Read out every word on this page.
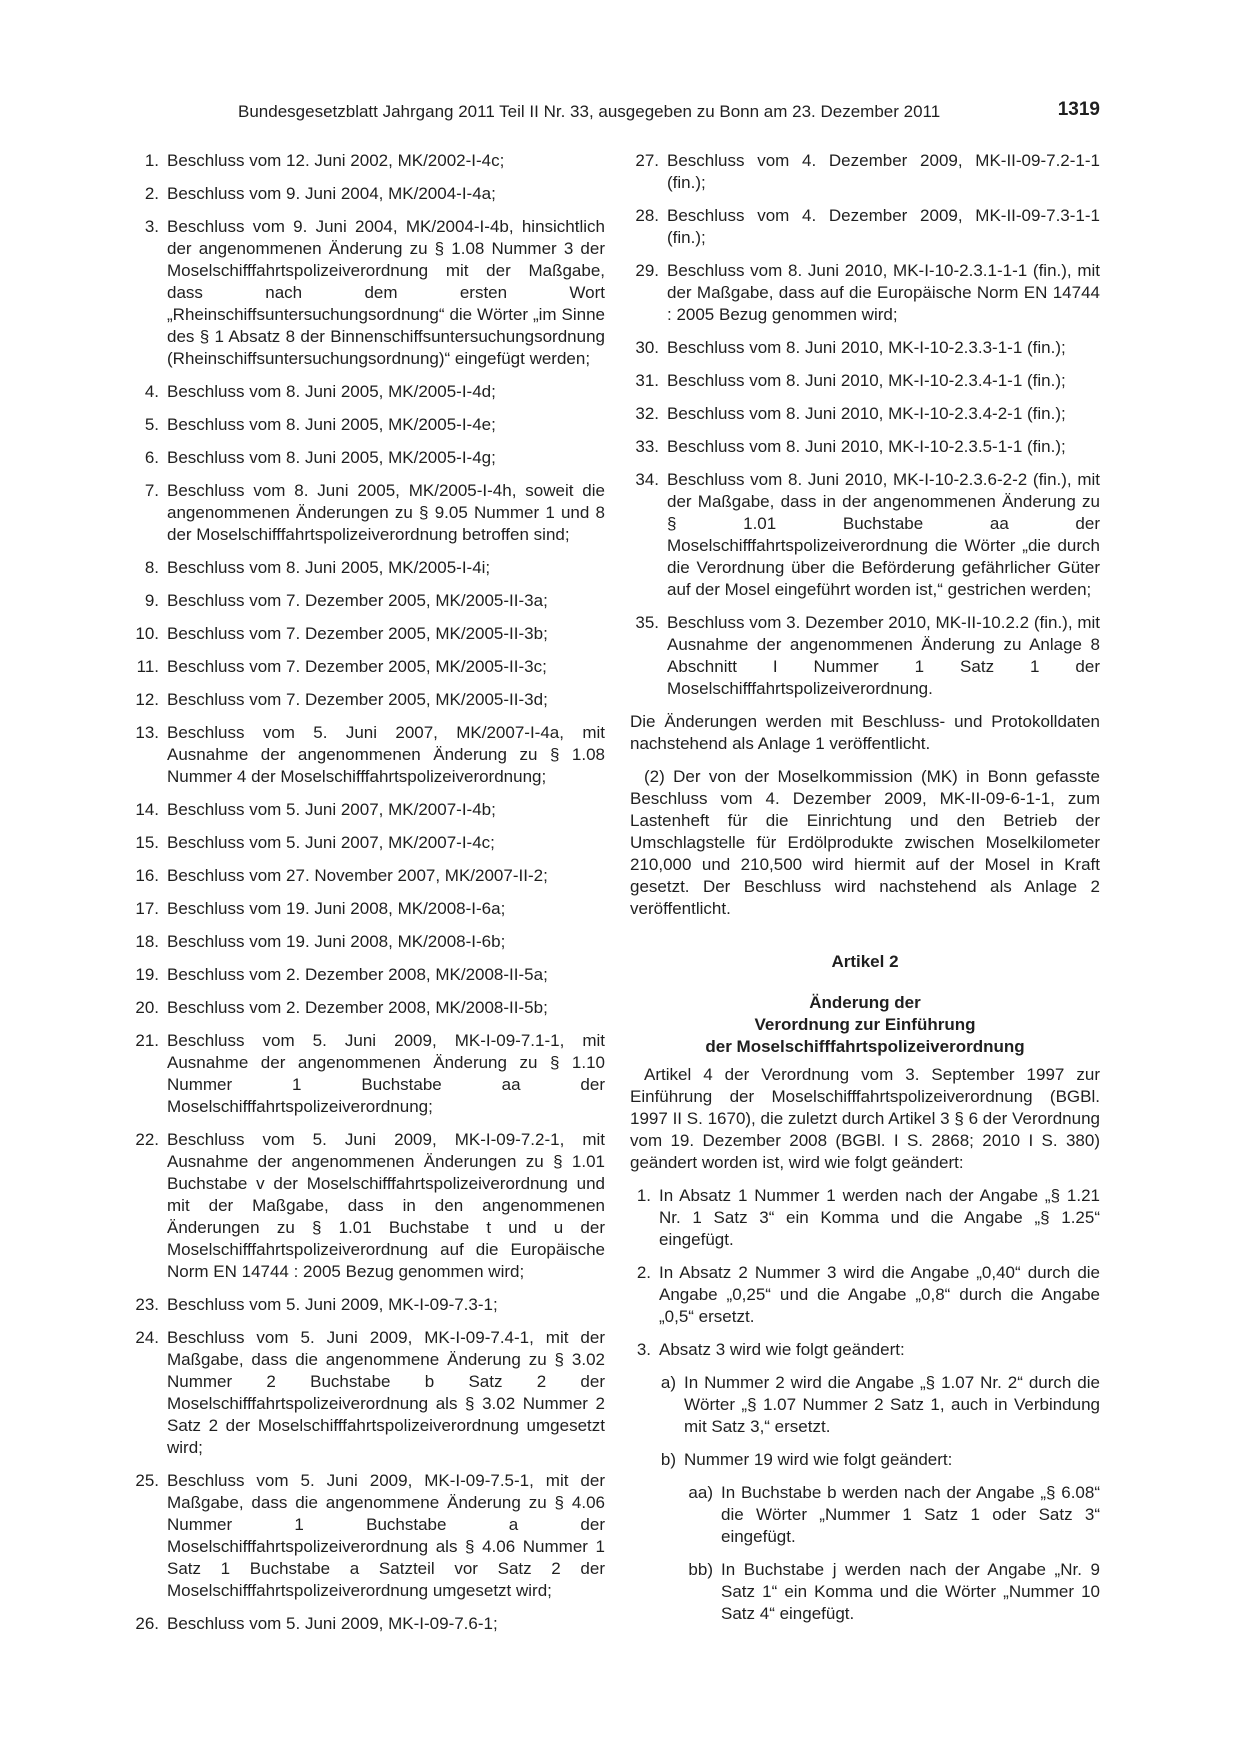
Bundesgesetzblatt Jahrgang 2011 Teil II Nr. 33, ausgegeben zu Bonn am 23. Dezember 2011	1319
1. Beschluss vom 12. Juni 2002, MK/2002-I-4c;
2. Beschluss vom 9. Juni 2004, MK/2004-I-4a;
3. Beschluss vom 9. Juni 2004, MK/2004-I-4b, hinsichtlich der angenommenen Änderung zu § 1.08 Nummer 3 der Moselschifffahrtspolizeiverordnung mit der Maßgabe, dass nach dem ersten Wort „Rheinschiffsuntersuchungsordnung“ die Wörter „im Sinne des § 1 Absatz 8 der Binnenschiffsuntersuchungsordnung (Rheinschiffsuntersuchungsordnung)“ eingefügt werden;
4. Beschluss vom 8. Juni 2005, MK/2005-I-4d;
5. Beschluss vom 8. Juni 2005, MK/2005-I-4e;
6. Beschluss vom 8. Juni 2005, MK/2005-I-4g;
7. Beschluss vom 8. Juni 2005, MK/2005-I-4h, soweit die angenommenen Änderungen zu § 9.05 Nummer 1 und 8 der Moselschifffahrtspolizeiverordnung betroffen sind;
8. Beschluss vom 8. Juni 2005, MK/2005-I-4i;
9. Beschluss vom 7. Dezember 2005, MK/2005-II-3a;
10. Beschluss vom 7. Dezember 2005, MK/2005-II-3b;
11. Beschluss vom 7. Dezember 2005, MK/2005-II-3c;
12. Beschluss vom 7. Dezember 2005, MK/2005-II-3d;
13. Beschluss vom 5. Juni 2007, MK/2007-I-4a, mit Ausnahme der angenommenen Änderung zu § 1.08 Nummer 4 der Moselschifffahrtspolizeiverordnung;
14. Beschluss vom 5. Juni 2007, MK/2007-I-4b;
15. Beschluss vom 5. Juni 2007, MK/2007-I-4c;
16. Beschluss vom 27. November 2007, MK/2007-II-2;
17. Beschluss vom 19. Juni 2008, MK/2008-I-6a;
18. Beschluss vom 19. Juni 2008, MK/2008-I-6b;
19. Beschluss vom 2. Dezember 2008, MK/2008-II-5a;
20. Beschluss vom 2. Dezember 2008, MK/2008-II-5b;
21. Beschluss vom 5. Juni 2009, MK-I-09-7.1-1, mit Ausnahme der angenommenen Änderung zu § 1.10 Nummer 1 Buchstabe aa der Moselschifffahrtspolizeiverordnung;
22. Beschluss vom 5. Juni 2009, MK-I-09-7.2-1, mit Ausnahme der angenommenen Änderungen zu § 1.01 Buchstabe v der Moselschifffahrtspolizeiverordnung und mit der Maßgabe, dass in den angenommenen Änderungen zu § 1.01 Buchstabe t und u der Moselschifffahrtspolizeiverordnung auf die Europäische Norm EN 14744 : 2005 Bezug genommen wird;
23. Beschluss vom 5. Juni 2009, MK-I-09-7.3-1;
24. Beschluss vom 5. Juni 2009, MK-I-09-7.4-1, mit der Maßgabe, dass die angenommene Änderung zu § 3.02 Nummer 2 Buchstabe b Satz 2 der Moselschifffahrtspolizeiverordnung als § 3.02 Nummer 2 Satz 2 der Moselschifffahrtspolizeiverordnung umgesetzt wird;
25. Beschluss vom 5. Juni 2009, MK-I-09-7.5-1, mit der Maßgabe, dass die angenommene Änderung zu § 4.06 Nummer 1 Buchstabe a der Moselschifffahrtspolizeiverordnung als § 4.06 Nummer 1 Satz 1 Buchstabe a Satzteil vor Satz 2 der Moselschifffahrtspolizeiverordnung umgesetzt wird;
26. Beschluss vom 5. Juni 2009, MK-I-09-7.6-1;
27. Beschluss vom 4. Dezember 2009, MK-II-09-7.2-1-1 (fin.);
28. Beschluss vom 4. Dezember 2009, MK-II-09-7.3-1-1 (fin.);
29. Beschluss vom 8. Juni 2010, MK-I-10-2.3.1-1-1 (fin.), mit der Maßgabe, dass auf die Europäische Norm EN 14744 : 2005 Bezug genommen wird;
30. Beschluss vom 8. Juni 2010, MK-I-10-2.3.3-1-1 (fin.);
31. Beschluss vom 8. Juni 2010, MK-I-10-2.3.4-1-1 (fin.);
32. Beschluss vom 8. Juni 2010, MK-I-10-2.3.4-2-1 (fin.);
33. Beschluss vom 8. Juni 2010, MK-I-10-2.3.5-1-1 (fin.);
34. Beschluss vom 8. Juni 2010, MK-I-10-2.3.6-2-2 (fin.), mit der Maßgabe, dass in der angenommenen Änderung zu § 1.01 Buchstabe aa der Moselschifffahrtspolizeiverordnung die Wörter „die durch die Verordnung über die Beförderung gefährlicher Güter auf der Mosel eingeführt worden ist,“ gestrichen werden;
35. Beschluss vom 3. Dezember 2010, MK-II-10.2.2 (fin.), mit Ausnahme der angenommenen Änderung zu Anlage 8 Abschnitt I Nummer 1 Satz 1 der Moselschifffahrtspolizeiverordnung.
Die Änderungen werden mit Beschluss- und Protokolldaten nachstehend als Anlage 1 veröffentlicht.
(2) Der von der Moselkommission (MK) in Bonn gefasste Beschluss vom 4. Dezember 2009, MK-II-09-6-1-1, zum Lastenheft für die Einrichtung und den Betrieb der Umschlagstelle für Erdölprodukte zwischen Moselkilometer 210,000 und 210,500 wird hiermit auf der Mosel in Kraft gesetzt. Der Beschluss wird nachstehend als Anlage 2 veröffentlicht.
Artikel 2
Änderung der
Verordnung zur Einführung
der Moselschifffahrtspolizeiverordnung
Artikel 4 der Verordnung vom 3. September 1997 zur Einführung der Moselschifffahrtspolizeiverordnung (BGBl. 1997 II S. 1670), die zuletzt durch Artikel 3 § 6 der Verordnung vom 19. Dezember 2008 (BGBl. I S. 2868; 2010 I S. 380) geändert worden ist, wird wie folgt geändert:
1. In Absatz 1 Nummer 1 werden nach der Angabe „§ 1.21 Nr. 1 Satz 3“ ein Komma und die Angabe „§ 1.25“ eingefügt.
2. In Absatz 2 Nummer 3 wird die Angabe „0,40“ durch die Angabe „0,25“ und die Angabe „0,8“ durch die Angabe „0,5“ ersetzt.
3. Absatz 3 wird wie folgt geändert:
a) In Nummer 2 wird die Angabe „§ 1.07 Nr. 2“ durch die Wörter „§ 1.07 Nummer 2 Satz 1, auch in Verbindung mit Satz 3,“ ersetzt.
b) Nummer 19 wird wie folgt geändert:
aa) In Buchstabe b werden nach der Angabe „§ 6.08“ die Wörter „Nummer 1 Satz 1 oder Satz 3“ eingefügt.
bb) In Buchstabe j werden nach der Angabe „Nr. 9 Satz 1“ ein Komma und die Wörter „Nummer 10 Satz 4“ eingefügt.
